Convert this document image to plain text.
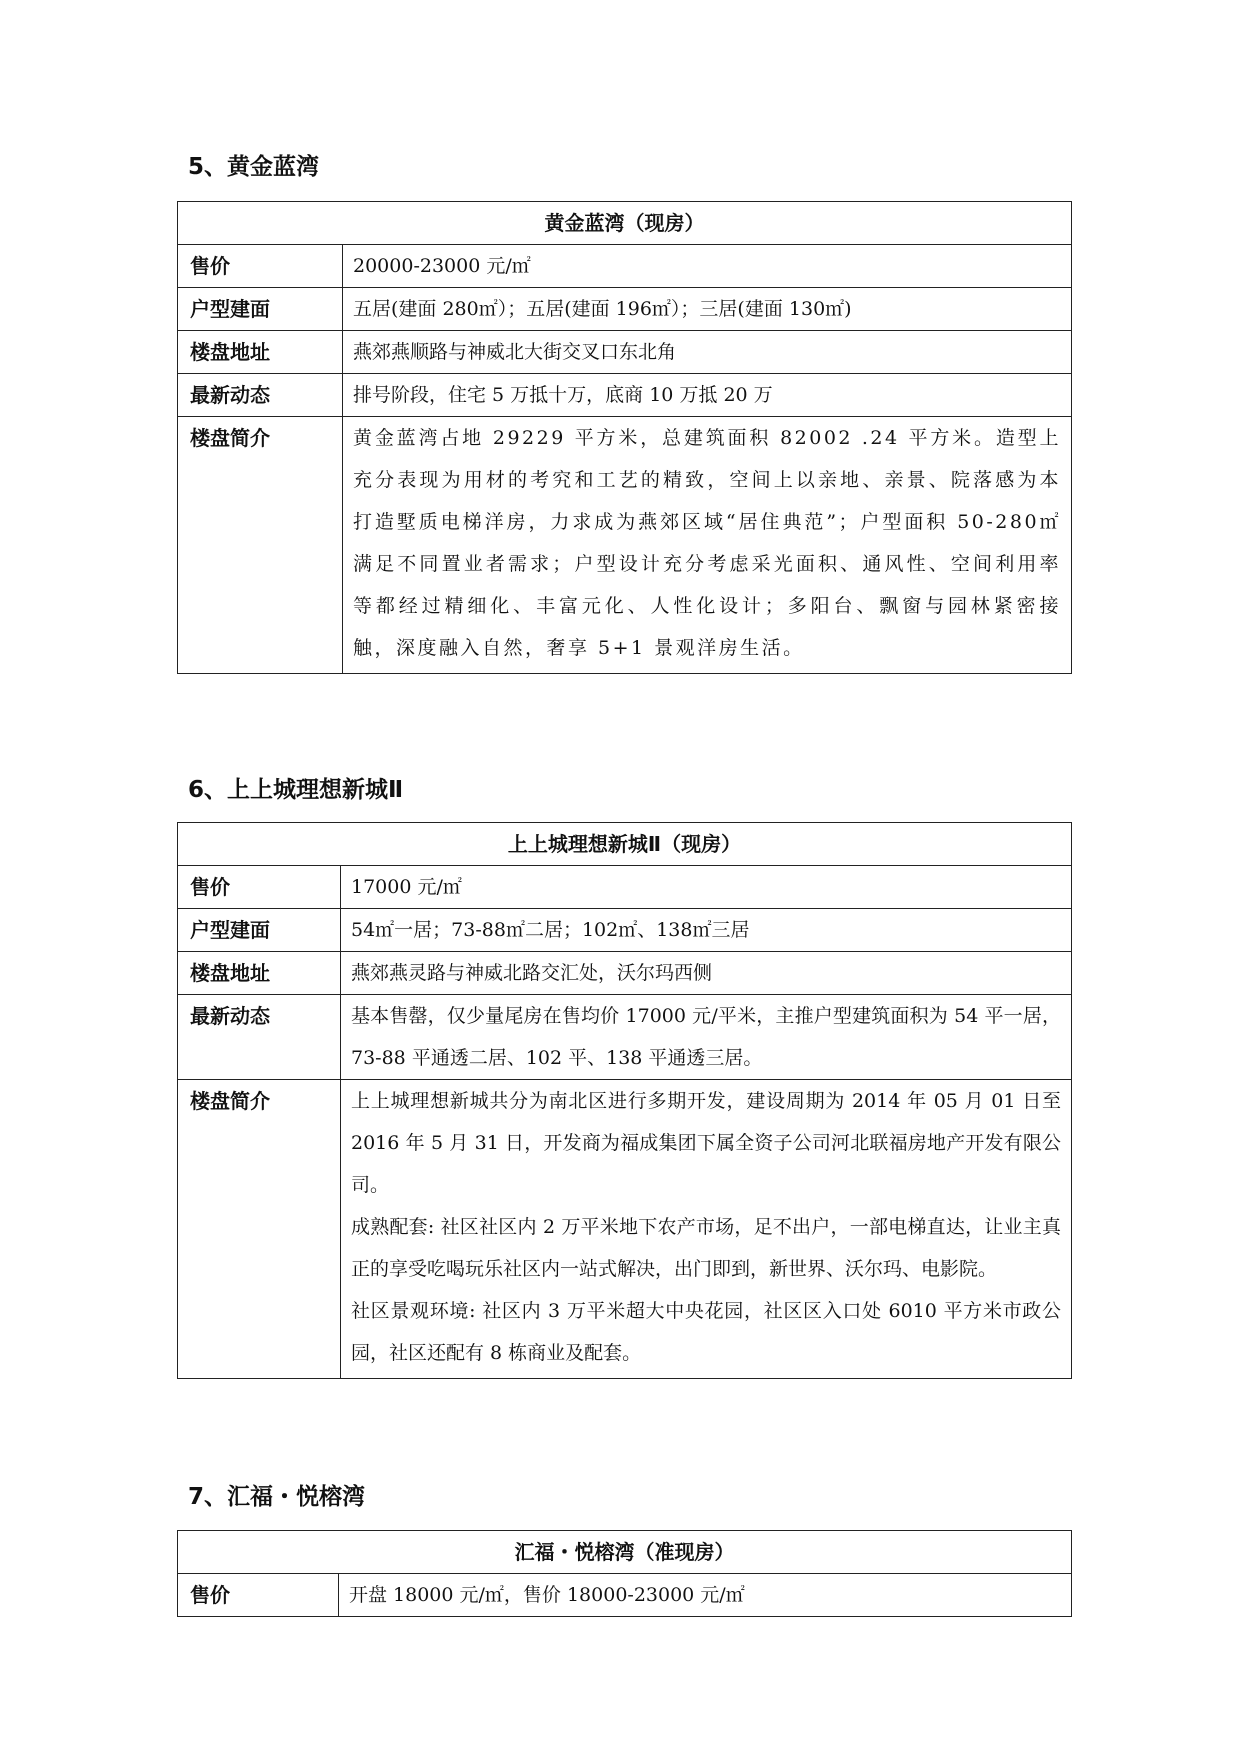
5、黄金蓝湾
黄金蓝湾（现房）	
售价	20000-23000 元/㎡
户型建面	五居(建面 280㎡）；五居(建面 196㎡）；三居(建面 130㎡)
楼盘地址	燕郊燕顺路与神威北大街交叉口东北角
最新动态	排号阶段，住宅 5 万抵十万，底商 10 万抵 20 万
楼盘简介	黄金蓝湾占地 29229 平方米，总建筑面积 82002 .24 平方米。造型上充分表现为用材的考究和工艺的精致，空间上以亲地、亲景、院落感为本打造墅质电梯洋房，力求成为燕郊区域“居住典范”；户型面积 50-280㎡满足不同置业者需求；户型设计充分考虑采光面积、通风性、空间利用率等都经过精细化、丰富元化、人性化设计；多阳台、飘窗与园林紧密接触，深度融入自然，奢享 5+1 景观洋房生活。

6、上上城理想新城Ⅱ
上上城理想新城Ⅱ（现房）	
售价	17000 元/㎡
户型建面	54㎡一居；73-88㎡二居；102㎡、138㎡三居
楼盘地址	燕郊燕灵路与神威北路交汇处，沃尔玛西侧
最新动态	基本售罄，仅少量尾房在售均价 17000 元/平米，主推户型建筑面积为 54 平一居，73-88 平通透二居、102 平、138 平通透三居。

楼盘简介	上上城理想新城共分为南北区进行多期开发，建设周期为 2014 年 05 月 01 日至 2016 年 5 月 31 日，开发商为福成集团下属全资子公司河北联福房地产开发有限公司。

成熟配套: 社区社区内 2 万平米地下农产市场，足不出户，一部电梯直达，让业主真正的享受吃喝玩乐社区内一站式解决，出门即到，新世界、沃尔玛、电影院。

社区景观环境: 社区内 3 万平米超大中央花园，社区区入口处 6010 平方米市政公园，社区还配有 8 栋商业及配套。

7、汇福・悦榕湾
汇福・悦榕湾（准现房）
售价	开盘 18000 元/㎡，售价 18000-23000 元/㎡
